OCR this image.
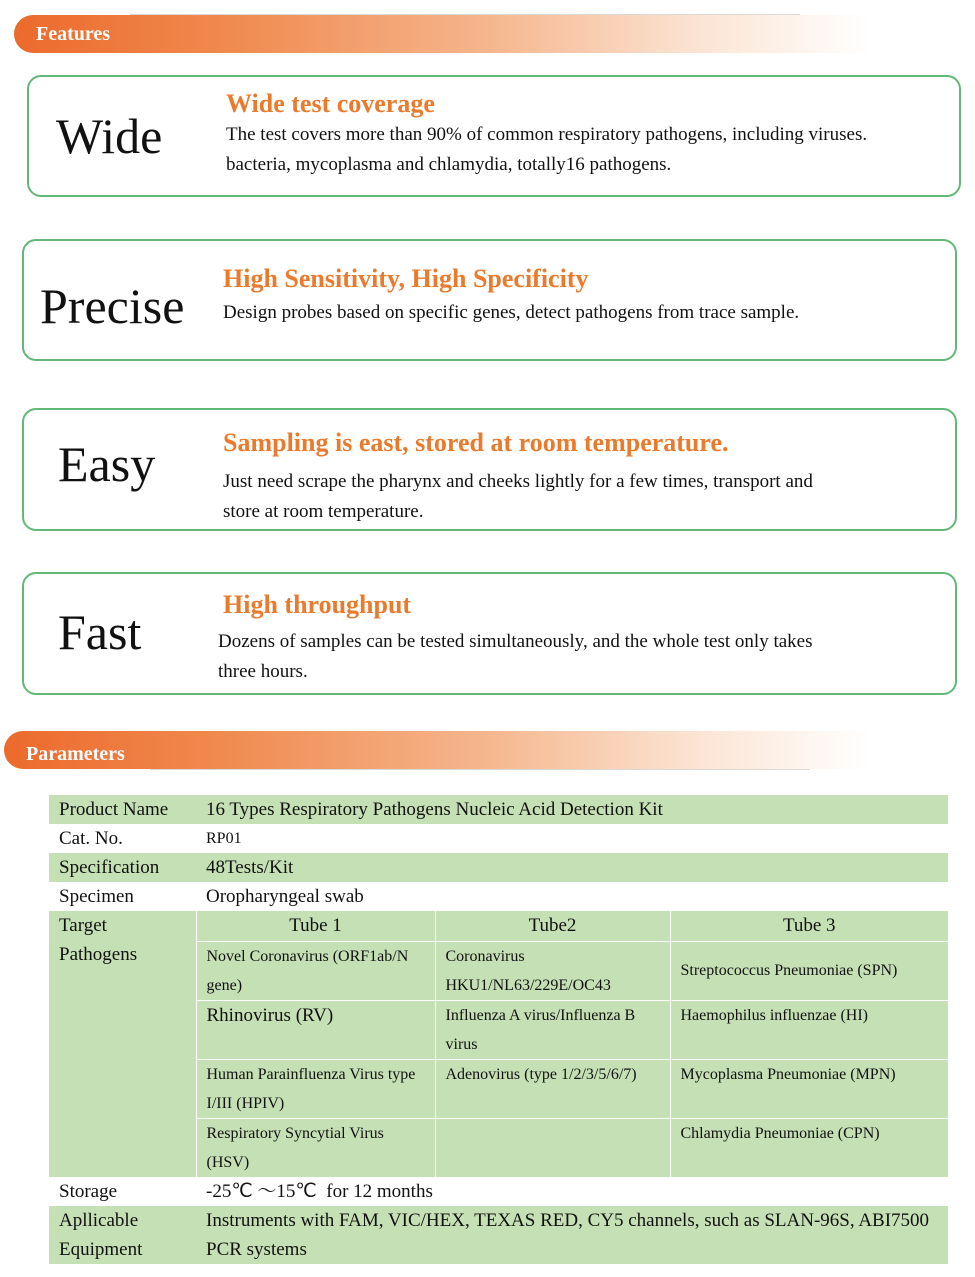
Features
Wide
Wide test coverage
The test covers more than 90% of common respiratory pathogens, including viruses.
bacteria, mycoplasma and chlamydia, totally16 pathogens.
Precise High Sensitivity, High Specificity
Design probes based on specific genes, detect pathogens from trace sample.
Easy	Sampling is east, stored at room temperature.
Just need scrape the pharynx and cheeks lightly for a few times, transport and
store at room temperature.
Fast	High throughput
Dozens of samples can be tested simultaneously, and the whole test only takes
three hours.
Parameters
Product Name	16 Types Respiratory Pathogens Nucleic Acid Detection Kit		
Cat. No.	RP01		
Specification	48Tests/Kit		
Specimen	Oropharyngeal swab		

Target
Pathogens	Tube 1	Tube2	Tube 3
	Novel Coronavirus (ORF1ab/N gene)	Coronavirus HKU1/NL63/229E/OC43	Streptococcus Pneumoniae (SPN)
	Rhinovirus (RV)	Influenza A virus/Influenza B virus	Haemophilus influenzae (HI)
	Human Parainfluenza Virus type I/III (HPIV)	Adenovirus (type 1/2/3/5/6/7)	Mycoplasma Pneumoniae (MPN)
	Respiratory Syncytial Virus (HSV)		Chlamydia Pneumoniae (CPN)
Storage	-25℃ ～15℃  for 12 months		

Apllicable
Equipment	Instruments with FAM, VIC/HEX, TEXAS RED, CY5 channels, such as SLAN-96S, ABI7500 PCR systems		
